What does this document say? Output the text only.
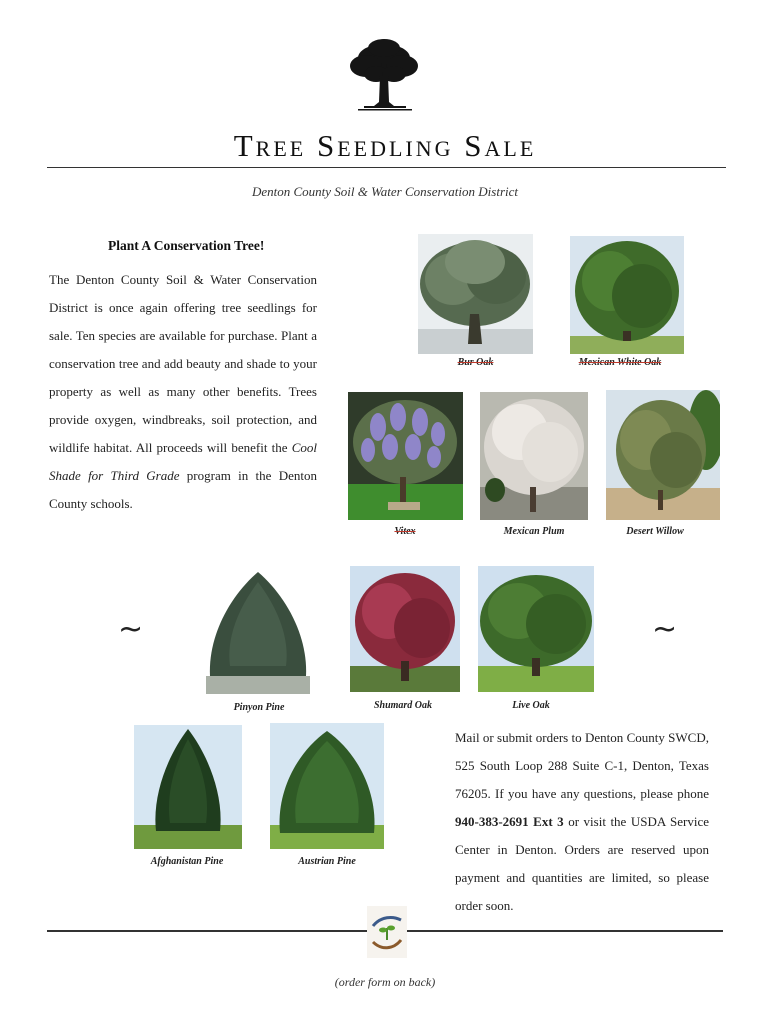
Tree Seedling Sale
Denton County Soil & Water Conservation District
Plant A Conservation Tree!
The Denton County Soil & Water Conservation District is once again offering tree seedlings for sale. Ten species are available for purchase. Plant a conservation tree and add beauty and shade to your property as well as many other benefits. Trees provide oxygen, windbreaks, soil protection, and wildlife habitat. All proceeds will benefit the Cool Shade for Third Grade program in the Denton County schools.
Bur Oak	Mexican White Oak
Vitex	Mexican Plum	Desert Willow
~	~
Pinyon Pine	Shumard Oak	Live Oak
Afghanistan Pine	Austrian Pine
Mail or submit orders to Denton County SWCD, 525 South Loop 288 Suite C-1, Denton, Texas 76205. If you have any questions, please phone 940-383-2691 Ext 3 or visit the USDA Service Center in Denton. Orders are reserved upon payment and quantities are limited, so please order soon.
(order form on back)
